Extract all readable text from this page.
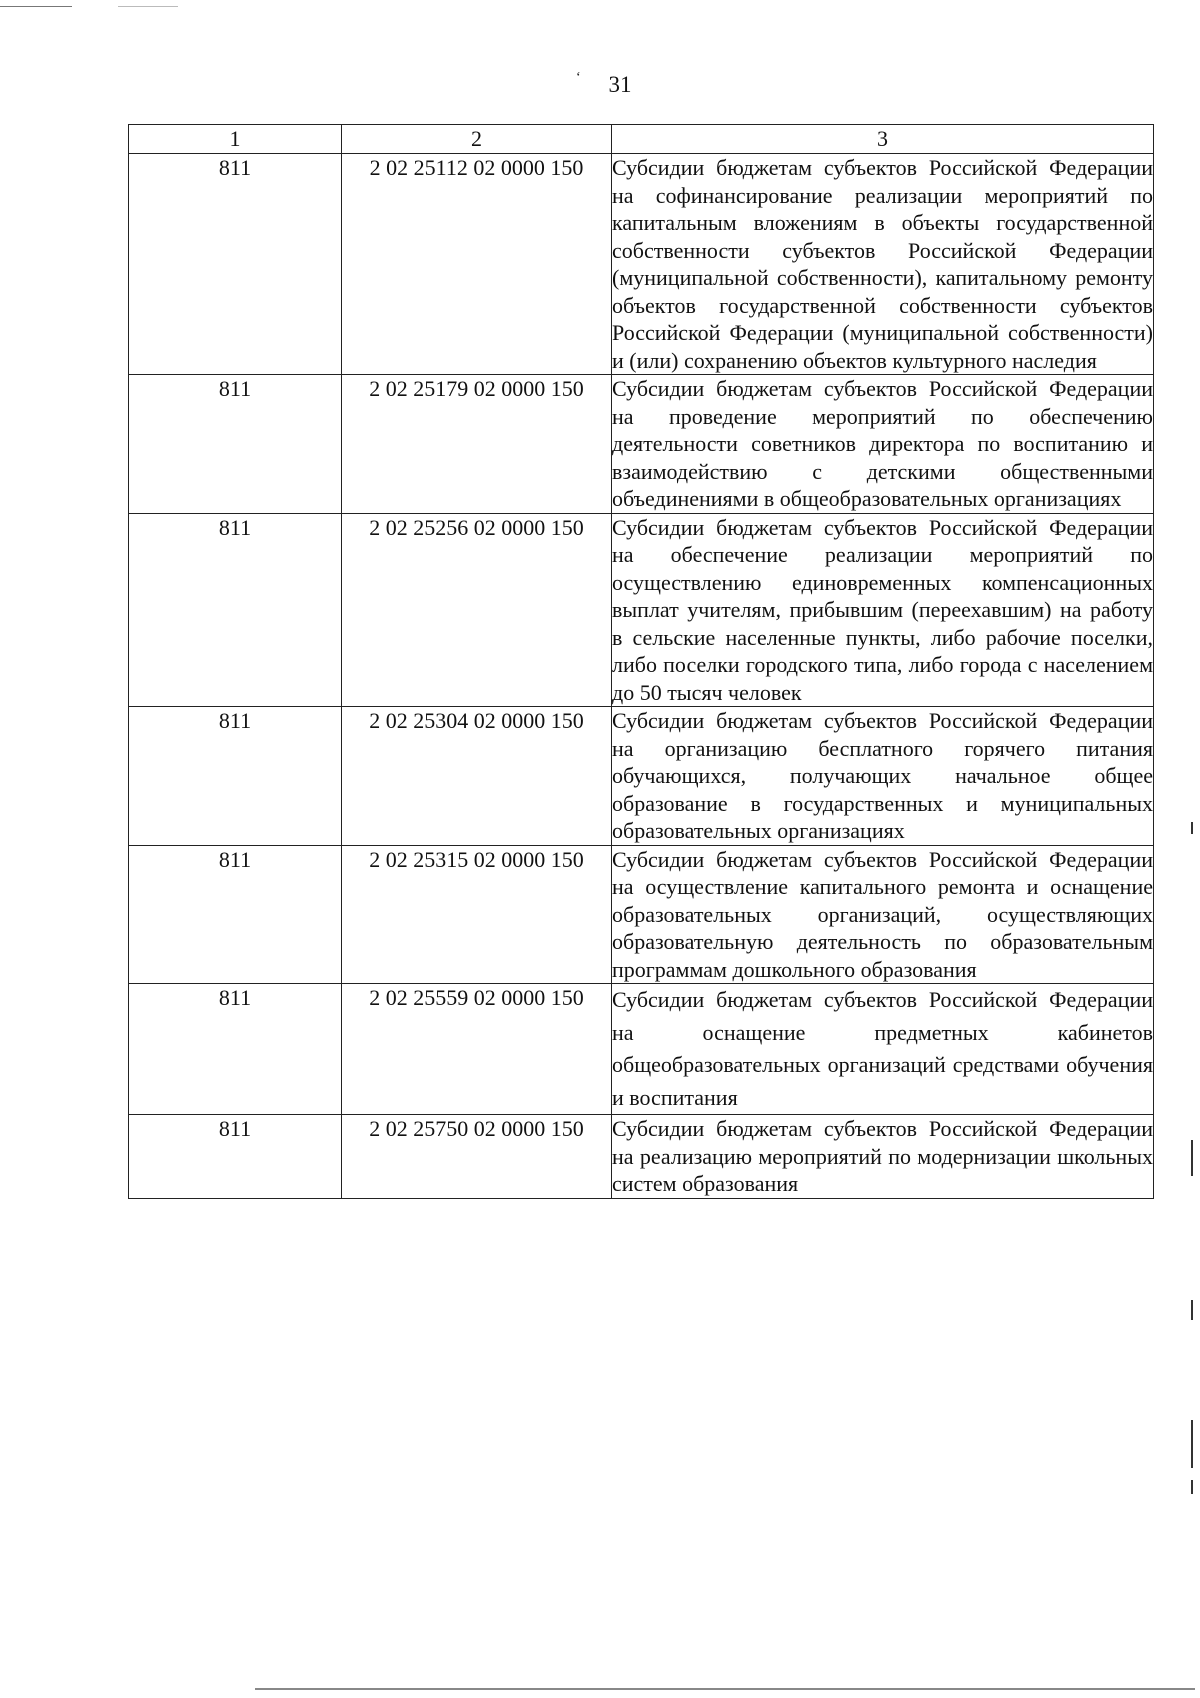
‘	31
1	2	3
811	2 02 25112 02 0000 150	Субсидии бюджетам субъектов Российской Федерации на софинансирование реализации мероприятий по капитальным вложениям в объекты государственной собственности субъектов Российской Федерации (муниципальной собственности), капитальному ремонту объектов государственной собственности субъектов Российской Федерации (муниципальной собственности) и (или) сохранению объектов культурного наследия
811	2 02 25179 02 0000 150	Субсидии бюджетам субъектов Российской Федерации на проведение мероприятий по обеспечению деятельности советников директора по воспитанию и взаимодействию с детскими общественными объединениями в общеобразовательных организациях
811	2 02 25256 02 0000 150	Субсидии бюджетам субъектов Российской Федерации на обеспечение реализации мероприятий по осуществлению единовременных компенсационных выплат учителям, прибывшим (переехавшим) на работу в сельские населенные пункты, либо рабочие поселки, либо поселки городского типа, либо города с населением до 50 тысяч человек
811	2 02 25304 02 0000 150	Субсидии бюджетам субъектов Российской Федерации на организацию бесплатного горячего питания обучающихся, получающих начальное общее образование в государственных и муниципальных образовательных организациях
811	2 02 25315 02 0000 150	Субсидии бюджетам субъектов Российской Федерации на осуществление капитального ремонта и оснащение образовательных организаций, осуществляющих образовательную деятельность по образовательным программам дошкольного образования
811	2 02 25559 02 0000 150	Субсидии бюджетам субъектов Российской Федерации на оснащение предметных кабинетов общеобразовательных организаций средствами обучения и воспитания
811	2 02 25750 02 0000 150	Субсидии бюджетам субъектов Российской Федерации на реализацию мероприятий по модернизации школьных систем образования
